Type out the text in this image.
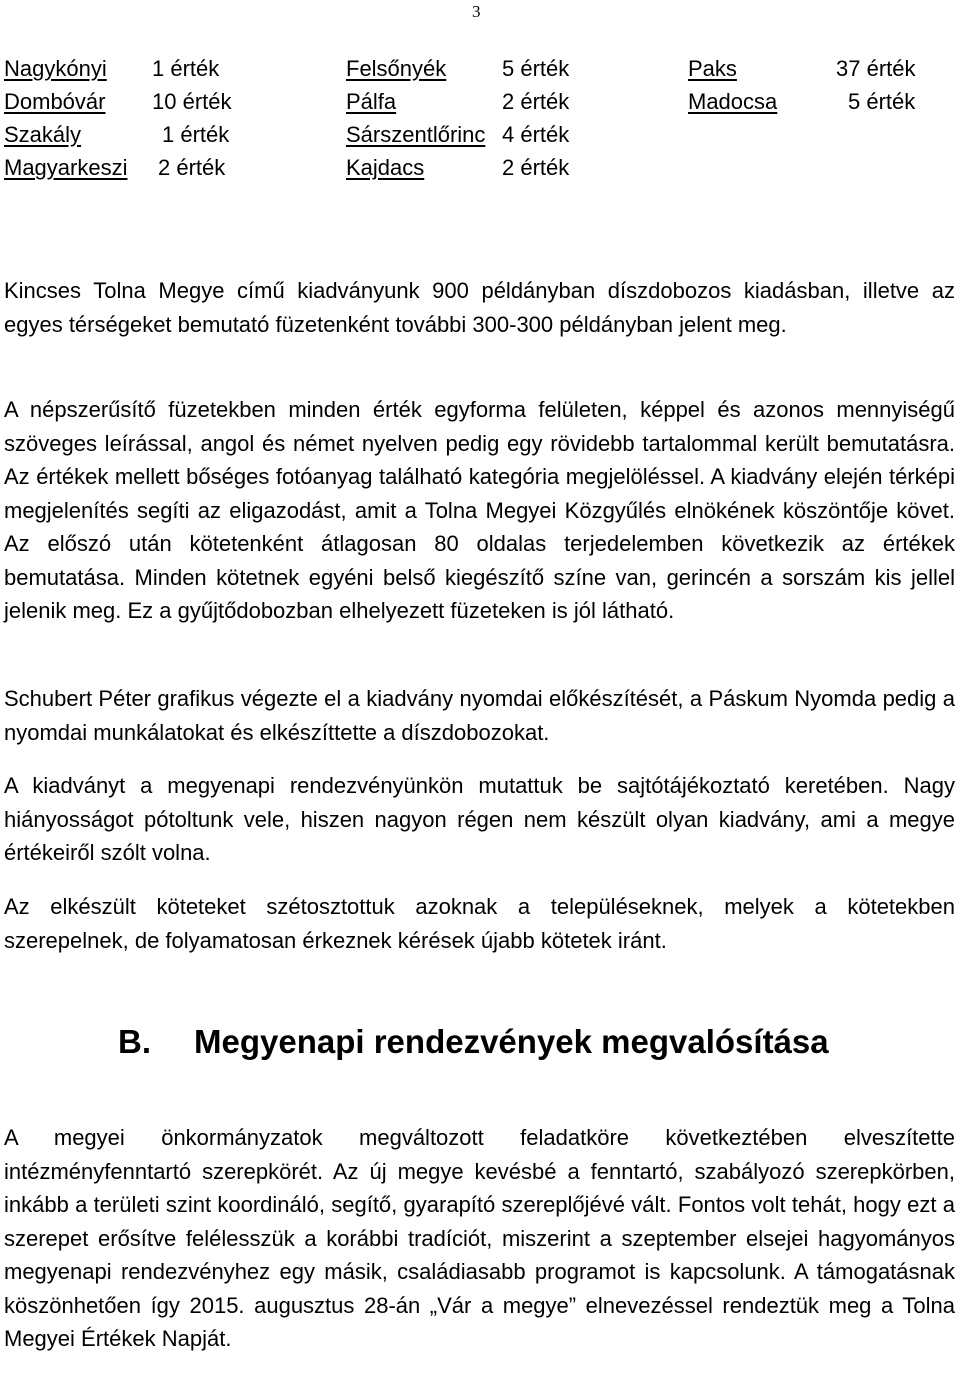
3
Nagykónyi 1 érték	Felsőnyék	5 érték	Paks	37 érték
Dombóvár 10 érték	Pálfa	2 érték	Madocsa	5 érték
Szakály	1 érték	Sárszentlőrinc 4 érték
Magyarkeszi 2 érték	Kajdacs	2 érték

Kincses Tolna Megye című kiadványunk 900 példányban díszdobozos kiadásban, illetve az egyes térségeket bemutató füzetenként további 300-300 példányban jelent meg.

A népszerűsítő füzetekben minden érték egyforma felületen, képpel és azonos mennyiségű szöveges leírással, angol és német nyelven pedig egy rövidebb tartalommal került bemutatásra. Az értékek mellett bőséges fotóanyag található kategória megjelöléssel. A kiadvány elején térképi megjelenítés segíti az eligazodást, amit a Tolna Megyei Közgyűlés elnökének köszöntője követ. Az előszó után kötetenként átlagosan 80 oldalas terjedelemben következik az értékek bemutatása. Minden kötetnek egyéni belső kiegészítő színe van, gerincén a sorszám kis jellel jelenik meg. Ez a gyűjtődobozban elhelyezett füzeteken is jól látható.

Schubert Péter grafikus végezte el a kiadvány nyomdai előkészítését, a Páskum Nyomda pedig a nyomdai munkálatokat és elkészíttette a díszdobozokat.

A kiadványt a megyenapi rendezvényünkön mutattuk be sajtótájékoztató keretében. Nagy hiányosságot pótoltunk vele, hiszen nagyon régen nem készült olyan kiadvány, ami a megye értékeiről szólt volna.

Az elkészült köteteket szétosztottuk azoknak a településeknek, melyek a kötetekben szerepelnek, de folyamatosan érkeznek kérések újabb kötetek iránt.

B. Megyenapi rendezvények megvalósítása

A megyei önkormányzatok megváltozott feladatköre következtében elveszítette intézményfenntartó szerepkörét. Az új megye kevésbé a fenntartó, szabályozó szerepkörben, inkább a területi szint koordináló, segítő, gyarapító szereplőjévé vált. Fontos volt tehát, hogy ezt a szerepet erősítve felélesszük a korábbi tradíciót, miszerint a szeptember elsejei hagyományos megyenapi rendezvényhez egy másik, családiasabb programot is kapcsolunk. A támogatásnak köszönhetően így 2015. augusztus 28-án „Vár a megye” elnevezéssel rendeztük meg a Tolna Megyei Értékek Napját.
